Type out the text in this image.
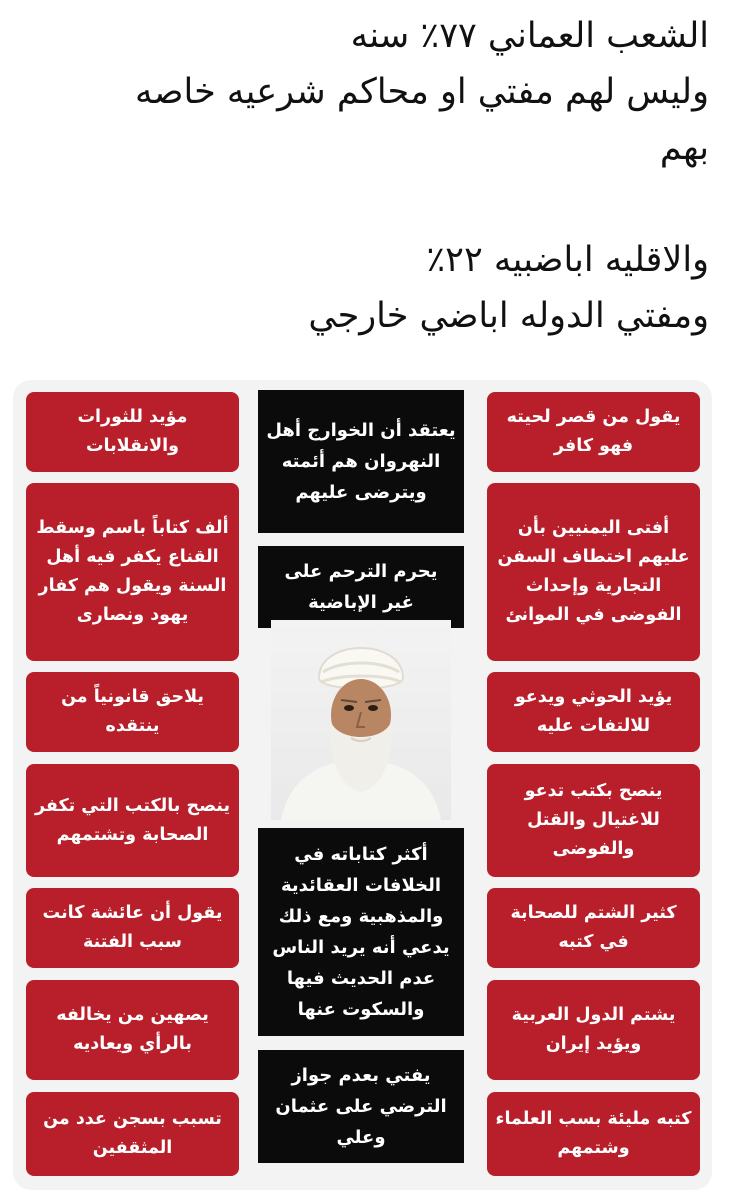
الشعب العماني ٧٧٪ سنه

وليس لهم مفتي او محاكم شرعيه خاصه

بهم

والاقليه اباضبيه ٢٢٪

ومفتي الدوله اباضي خارجي

يقول من قصر لحيته فهو كافر
أفتى اليمنيين بأن عليهم اختطاف السفن التجارية وإحداث الفوضى في الموانئ
يؤيد الحوثي ويدعو للالتفات عليه
ينصح بكتب تدعو للاغتيال والقتل والفوضى
كثير الشتم للصحابة في كتبه
يشتم الدول العربية ويؤيد إيران
كتبه مليئة بسب العلماء وشتمهم
مؤيد للثورات والانقلابات
ألف كتاباً باسم وسقط القناع يكفر فيه أهل السنة ويقول هم كفار يهود ونصارى
يلاحق قانونياً من ينتقده
ينصح بالكتب التي تكفر الصحابة وتشتمهم
يقول أن عائشة كانت سبب الفتنة
يصهين من يخالفه بالرأي ويعاديه
تسبب بسجن عدد من المثقفين
يعتقد أن الخوارج أهل النهروان هم أئمته ويترضى عليهم
يحرم الترحم على غير الإباضية
أكثر كتاباته في الخلافات العقائدية والمذهبية ومع ذلك يدعي أنه يريد الناس عدم الحديث فيها والسكوت عنها
يفتي بعدم جواز الترضي على عثمان وعلي
